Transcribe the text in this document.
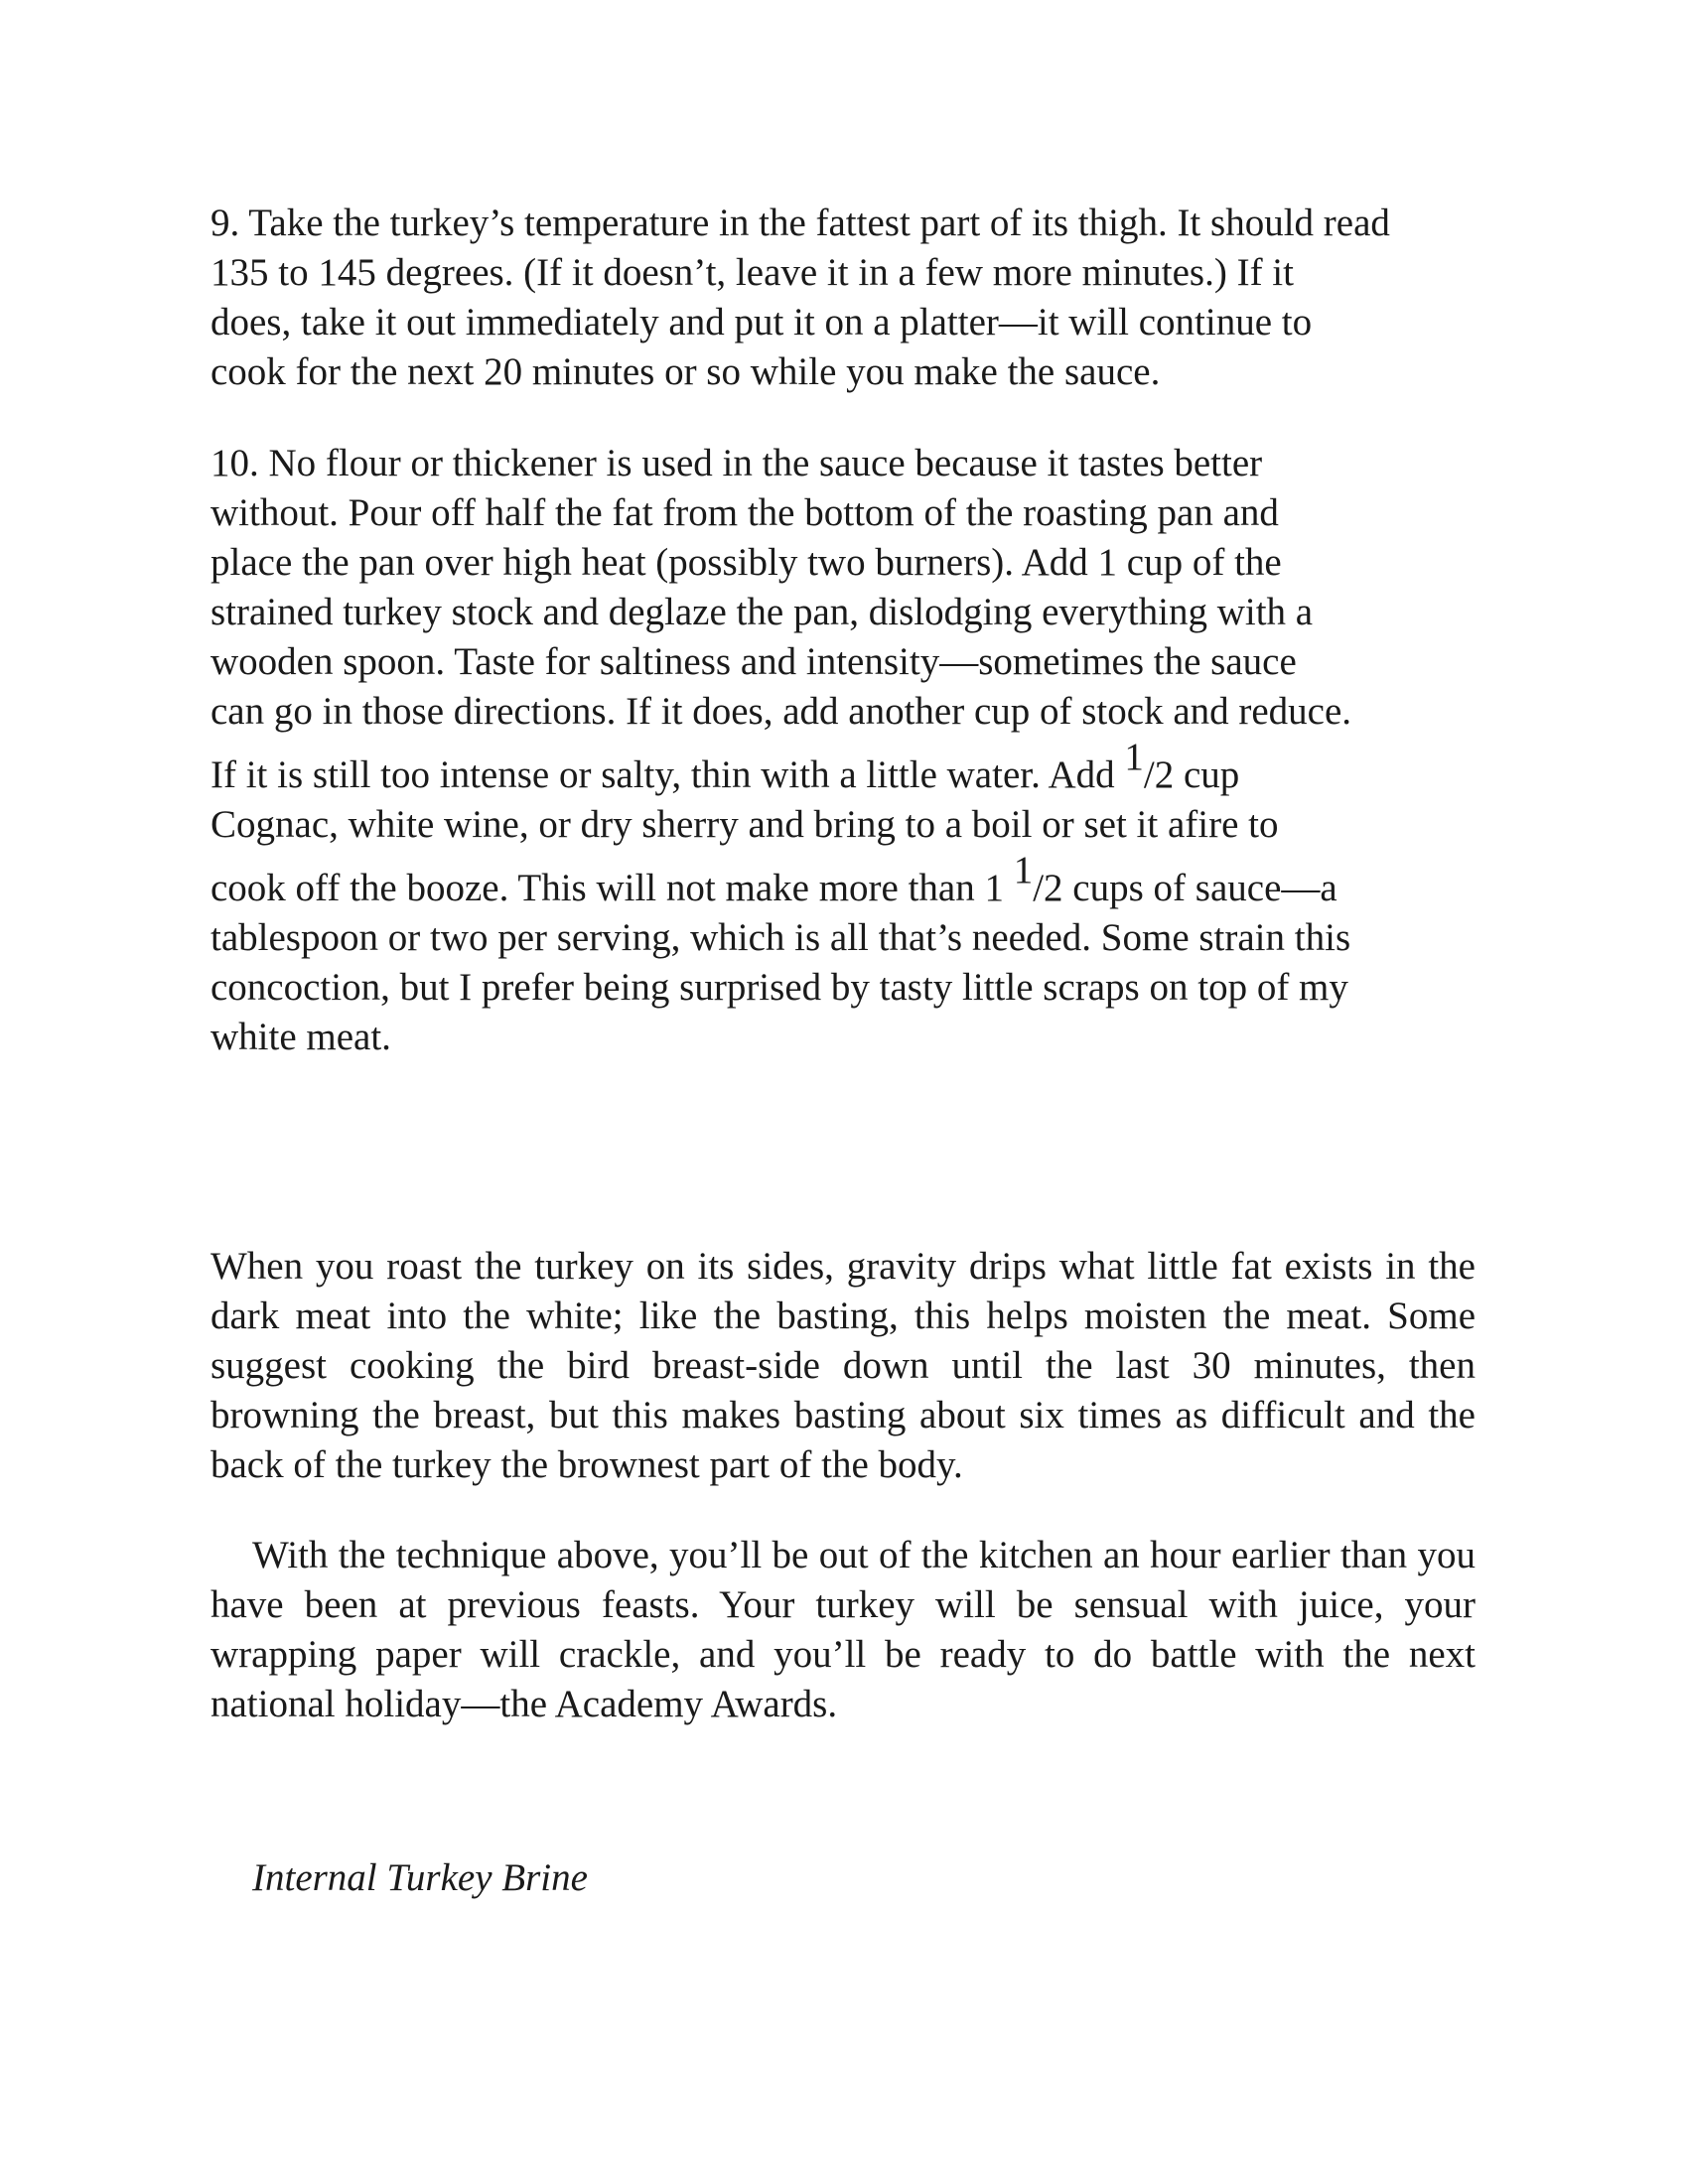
9. Take the turkey’s temperature in the fattest part of its thigh. It should read
135 to 145 degrees. (If it doesn’t, leave it in a few more minutes.) If it
does, take it out immediately and put it on a platter—it will continue to
cook for the next 20 minutes or so while you make the sauce.
10. No flour or thickener is used in the sauce because it tastes better
without. Pour off half the fat from the bottom of the roasting pan and
place the pan over high heat (possibly two burners). Add 1 cup of the
strained turkey stock and deglaze the pan, dislodging everything with a
wooden spoon. Taste for saltiness and intensity—sometimes the sauce
can go in those directions. If it does, add another cup of stock and reduce.
If it is still too intense or salty, thin with a little water. Add $^1$/2 cup
Cognac, white wine, or dry sherry and bring to a boil or set it afire to
cook off the booze. This will not make more than 1 $^1$/2 cups of sauce—a
tablespoon or two per serving, which is all that’s needed. Some strain this
concoction, but I prefer being surprised by tasty little scraps on top of my
white meat.

When you roast the turkey on its sides, gravity drips what little fat exists in the dark meat into the white; like the basting, this helps moisten the meat. Some suggest cooking the bird breast-side down until the last 30 minutes, then browning the breast, but this makes basting about six times as difficult and the back of the turkey the brownest part of the body.

With the technique above, you’ll be out of the kitchen an hour earlier than you have been at previous feasts. Your turkey will be sensual with juice, your wrapping paper will crackle, and you’ll be ready to do battle with the next national holiday—the Academy Awards.

Internal Turkey Brine
